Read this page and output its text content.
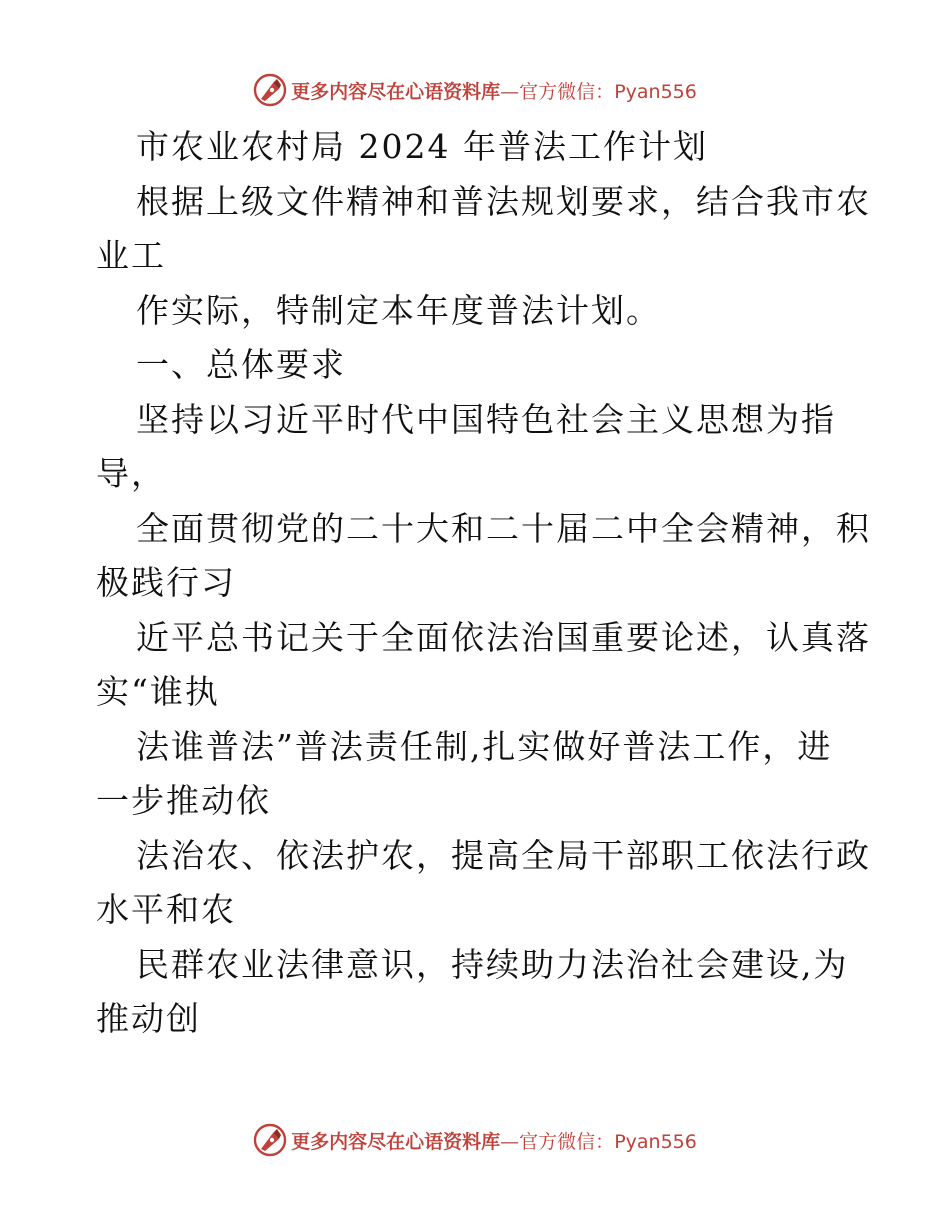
更多内容尽在心语资料库—官方微信：Pyan556
市农业农村局 2024 年普法工作计划
根据上级文件精神和普法规划要求，结合我市农
业工
作实际，特制定本年度普法计划。
一、总体要求
坚持以习近平时代中国特色社会主义思想为指
导，
全面贯彻党的二十大和二十届二中全会精神，积
极践行习
近平总书记关于全面依法治国重要论述，认真落
实“谁执
法谁普法”普法责任制,扎实做好普法工作，进
一步推动依
法治农、依法护农，提高全局干部职工依法行政
水平和农
民群农业法律意识，持续助力法治社会建设,为
推动创
更多内容尽在心语资料库—官方微信：Pyan556
